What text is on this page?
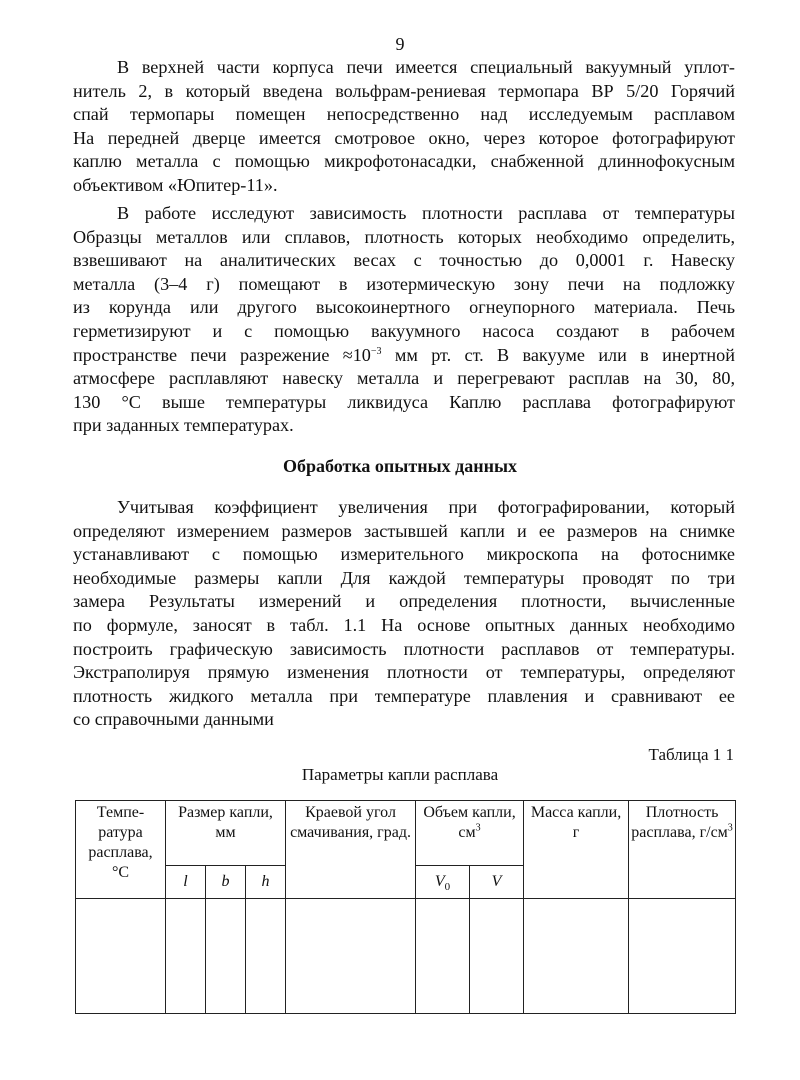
9
В верхней части корпуса печи имеется специальный вакуумный уплот-
нитель 2, в который введена вольфрам-рениевая термопара ВР 5/20 Горячий
спай термопары помещен непосредственно над исследуемым расплавом
На передней дверце имеется смотровое окно, через которое фотографируют
каплю металла с помощью микрофотонасадки, снабженной длиннофокусным
объективом «Юпитер-11».
В работе исследуют зависимость плотности расплава от температуры
Образцы металлов или сплавов, плотность которых необходимо определить,
взвешивают на аналитических весах с точностью до 0,0001 г. Навеску
металла (3–4 г) помещают в изотермическую зону печи на подложку
из корунда или другого высокоинертного огнеупорного материала. Печь
герметизируют и с помощью вакуумного насоса создают в рабочем
пространстве печи разрежение $\approx 10^{-3}$ мм рт. ст. В вакууме или в инертной
атмосфере расплавляют навеску металла и перегревают расплав на 30, 80,
130 °С выше температуры ликвидуса Каплю расплава фотографируют
при заданных температурах.
Обработка опытных данных
Учитывая коэффициент увеличения при фотографировании, который
определяют измерением размеров застывшей капли и ее размеров на снимке
устанавливают с помощью измерительного микроскопа на фотоснимке
необходимые размеры капли Для каждой температуры проводят по три
замера Результаты измерений и определения плотности, вычисленные
по формуле, заносят в табл. 1.1 На основе опытных данных необходимо
построить графическую зависимость плотности расплавов от температуры.
Экстраполируя прямую изменения плотности от температуры, определяют
плотность жидкого металла при температуре плавления и сравнивают ее
со справочными данными
Таблица 1 1
Параметры капли расплава
Темпе-ратура расплава, °С	Размер капли, мм			Краевой угол смачивания, град.	Объем капли, $см^3$		Масса капли, г	Плотность расплава, $г/см^3$
	l	b	h		$V_0$	V		
